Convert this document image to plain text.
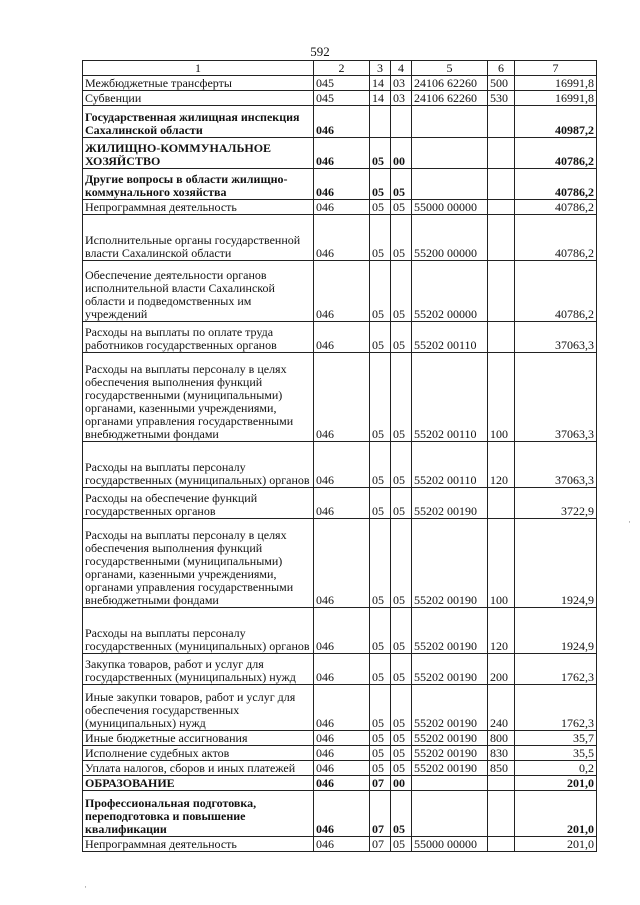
592
1	2	3	4	5	6	7
Межбюджетные трансферты	045	14	03	24106 62260	500	16991,8
Субвенции	045	14	03	24106 62260	530	16991,8
Государственная жилищная инспекция Сахалинской области	046					40987,2
ЖИЛИЩНО-КОММУНАЛЬНОЕ ХОЗЯЙСТВО	046	05	00			40786,2
Другие вопросы в области жилищно-коммунального хозяйства	046	05	05			40786,2
Непрограммная деятельность	046	05	05	55000 00000		40786,2
Исполнительные органы государственной власти Сахалинской области	046	05	05	55200 00000		40786,2
Обеспечение деятельности органов исполнительной власти Сахалинской области и подведомственных им учреждений	046	05	05	55202 00000		40786,2
Расходы на выплаты по оплате труда работников государственных органов	046	05	05	55202 00110		37063,3
Расходы на выплаты персоналу в целях обеспечения выполнения функций государственными (муниципальными) органами, казенными учреждениями, органами управления государственными внебюджетными фондами	046	05	05	55202 00110	100	37063,3
Расходы на выплаты персоналу государственных (муниципальных) органов	046	05	05	55202 00110	120	37063,3
Расходы на обеспечение функций государственных органов	046	05	05	55202 00190		3722,9
Расходы на выплаты персоналу в целях обеспечения выполнения функций государственными (муниципальными) органами, казенными учреждениями, органами управления государственными внебюджетными фондами	046	05	05	55202 00190	100	1924,9
Расходы на выплаты персоналу государственных (муниципальных) органов	046	05	05	55202 00190	120	1924,9
Закупка товаров, работ и услуг для государственных (муниципальных) нужд	046	05	05	55202 00190	200	1762,3
Иные закупки товаров, работ и услуг для обеспечения государственных (муниципальных) нужд	046	05	05	55202 00190	240	1762,3
Иные бюджетные ассигнования	046	05	05	55202 00190	800	35,7
Исполнение судебных актов	046	05	05	55202 00190	830	35,5
Уплата налогов, сборов и иных платежей	046	05	05	55202 00190	850	0,2
ОБРАЗОВАНИЕ	046	07	00			201,0
Профессиональная подготовка, переподготовка и повышение квалификации	046	07	05			201,0
Непрограммная деятельность	046	07	05	55000 00000		201,0
·
·
